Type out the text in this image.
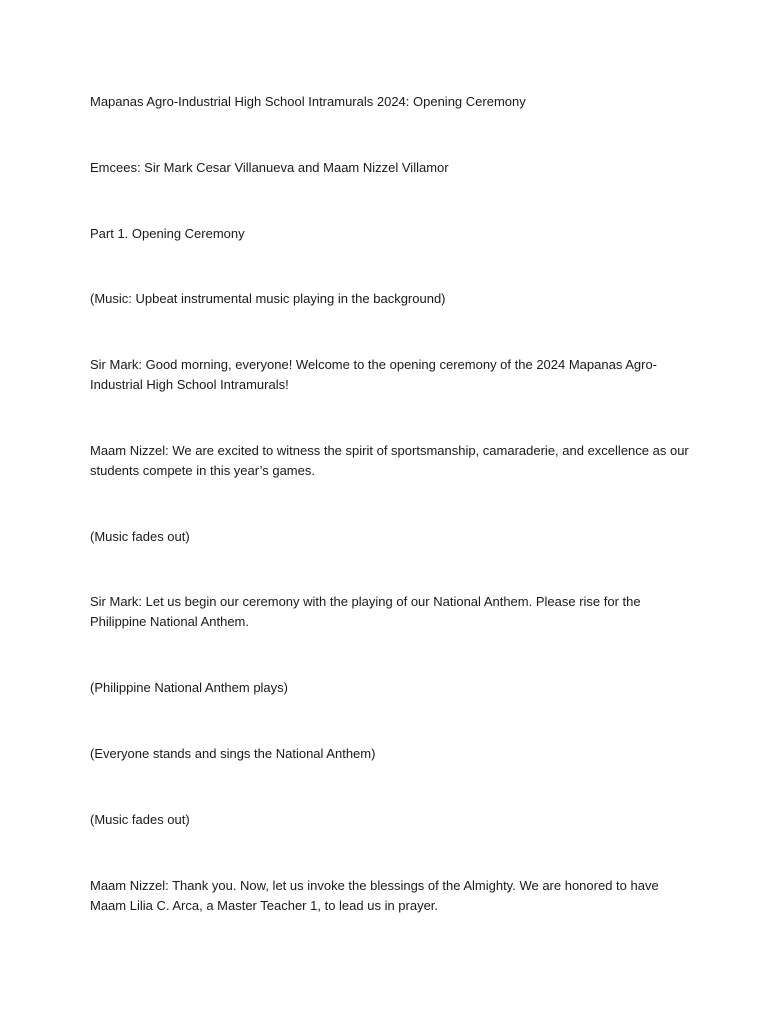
Mapanas Agro-Industrial High School Intramurals 2024: Opening Ceremony

Emcees: Sir Mark Cesar Villanueva and Maam Nizzel Villamor

Part 1. Opening Ceremony

(Music: Upbeat instrumental music playing in the background)

Sir Mark: Good morning, everyone! Welcome to the opening ceremony of the 2024 Mapanas Agro-Industrial High School Intramurals!

Maam Nizzel: We are excited to witness the spirit of sportsmanship, camaraderie, and excellence as our students compete in this year’s games.

(Music fades out)

Sir Mark: Let us begin our ceremony with the playing of our National Anthem. Please rise for the Philippine National Anthem.

(Philippine National Anthem plays)

(Everyone stands and sings the National Anthem)

(Music fades out)

Maam Nizzel: Thank you. Now, let us invoke the blessings of the Almighty. We are honored to have Maam Lilia C. Arca, a Master Teacher 1, to lead us in prayer.
